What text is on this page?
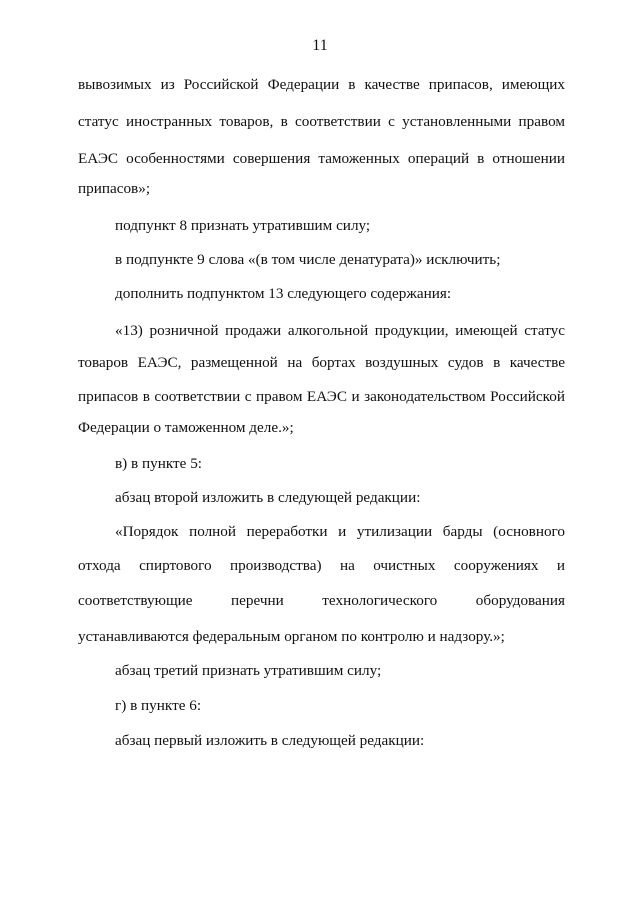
11
вывозимых из Российской Федерации в качестве припасов, имеющих
статус иностранных товаров, в соответствии с установленными правом
ЕАЭС особенностями совершения таможенных операций в отношении
припасов»;
подпункт 8 признать утратившим силу;
в подпункте 9 слова «(в том числе денатурата)» исключить;
дополнить подпунктом 13 следующего содержания:
«13) розничной продажи алкогольной продукции, имеющей статус
товаров ЕАЭС, размещенной на бортах воздушных судов в качестве
припасов в соответствии с правом ЕАЭС и законодательством Российской
Федерации о таможенном деле.»;
в) в пункте 5:
абзац второй изложить в следующей редакции:
«Порядок полной переработки и утилизации барды (основного
отхода спиртового производства) на очистных сооружениях и
соответствующие перечни технологического оборудования
устанавливаются федеральным органом по контролю и надзору.»;
абзац третий признать утратившим силу;
г) в пункте 6:
абзац первый изложить в следующей редакции:
